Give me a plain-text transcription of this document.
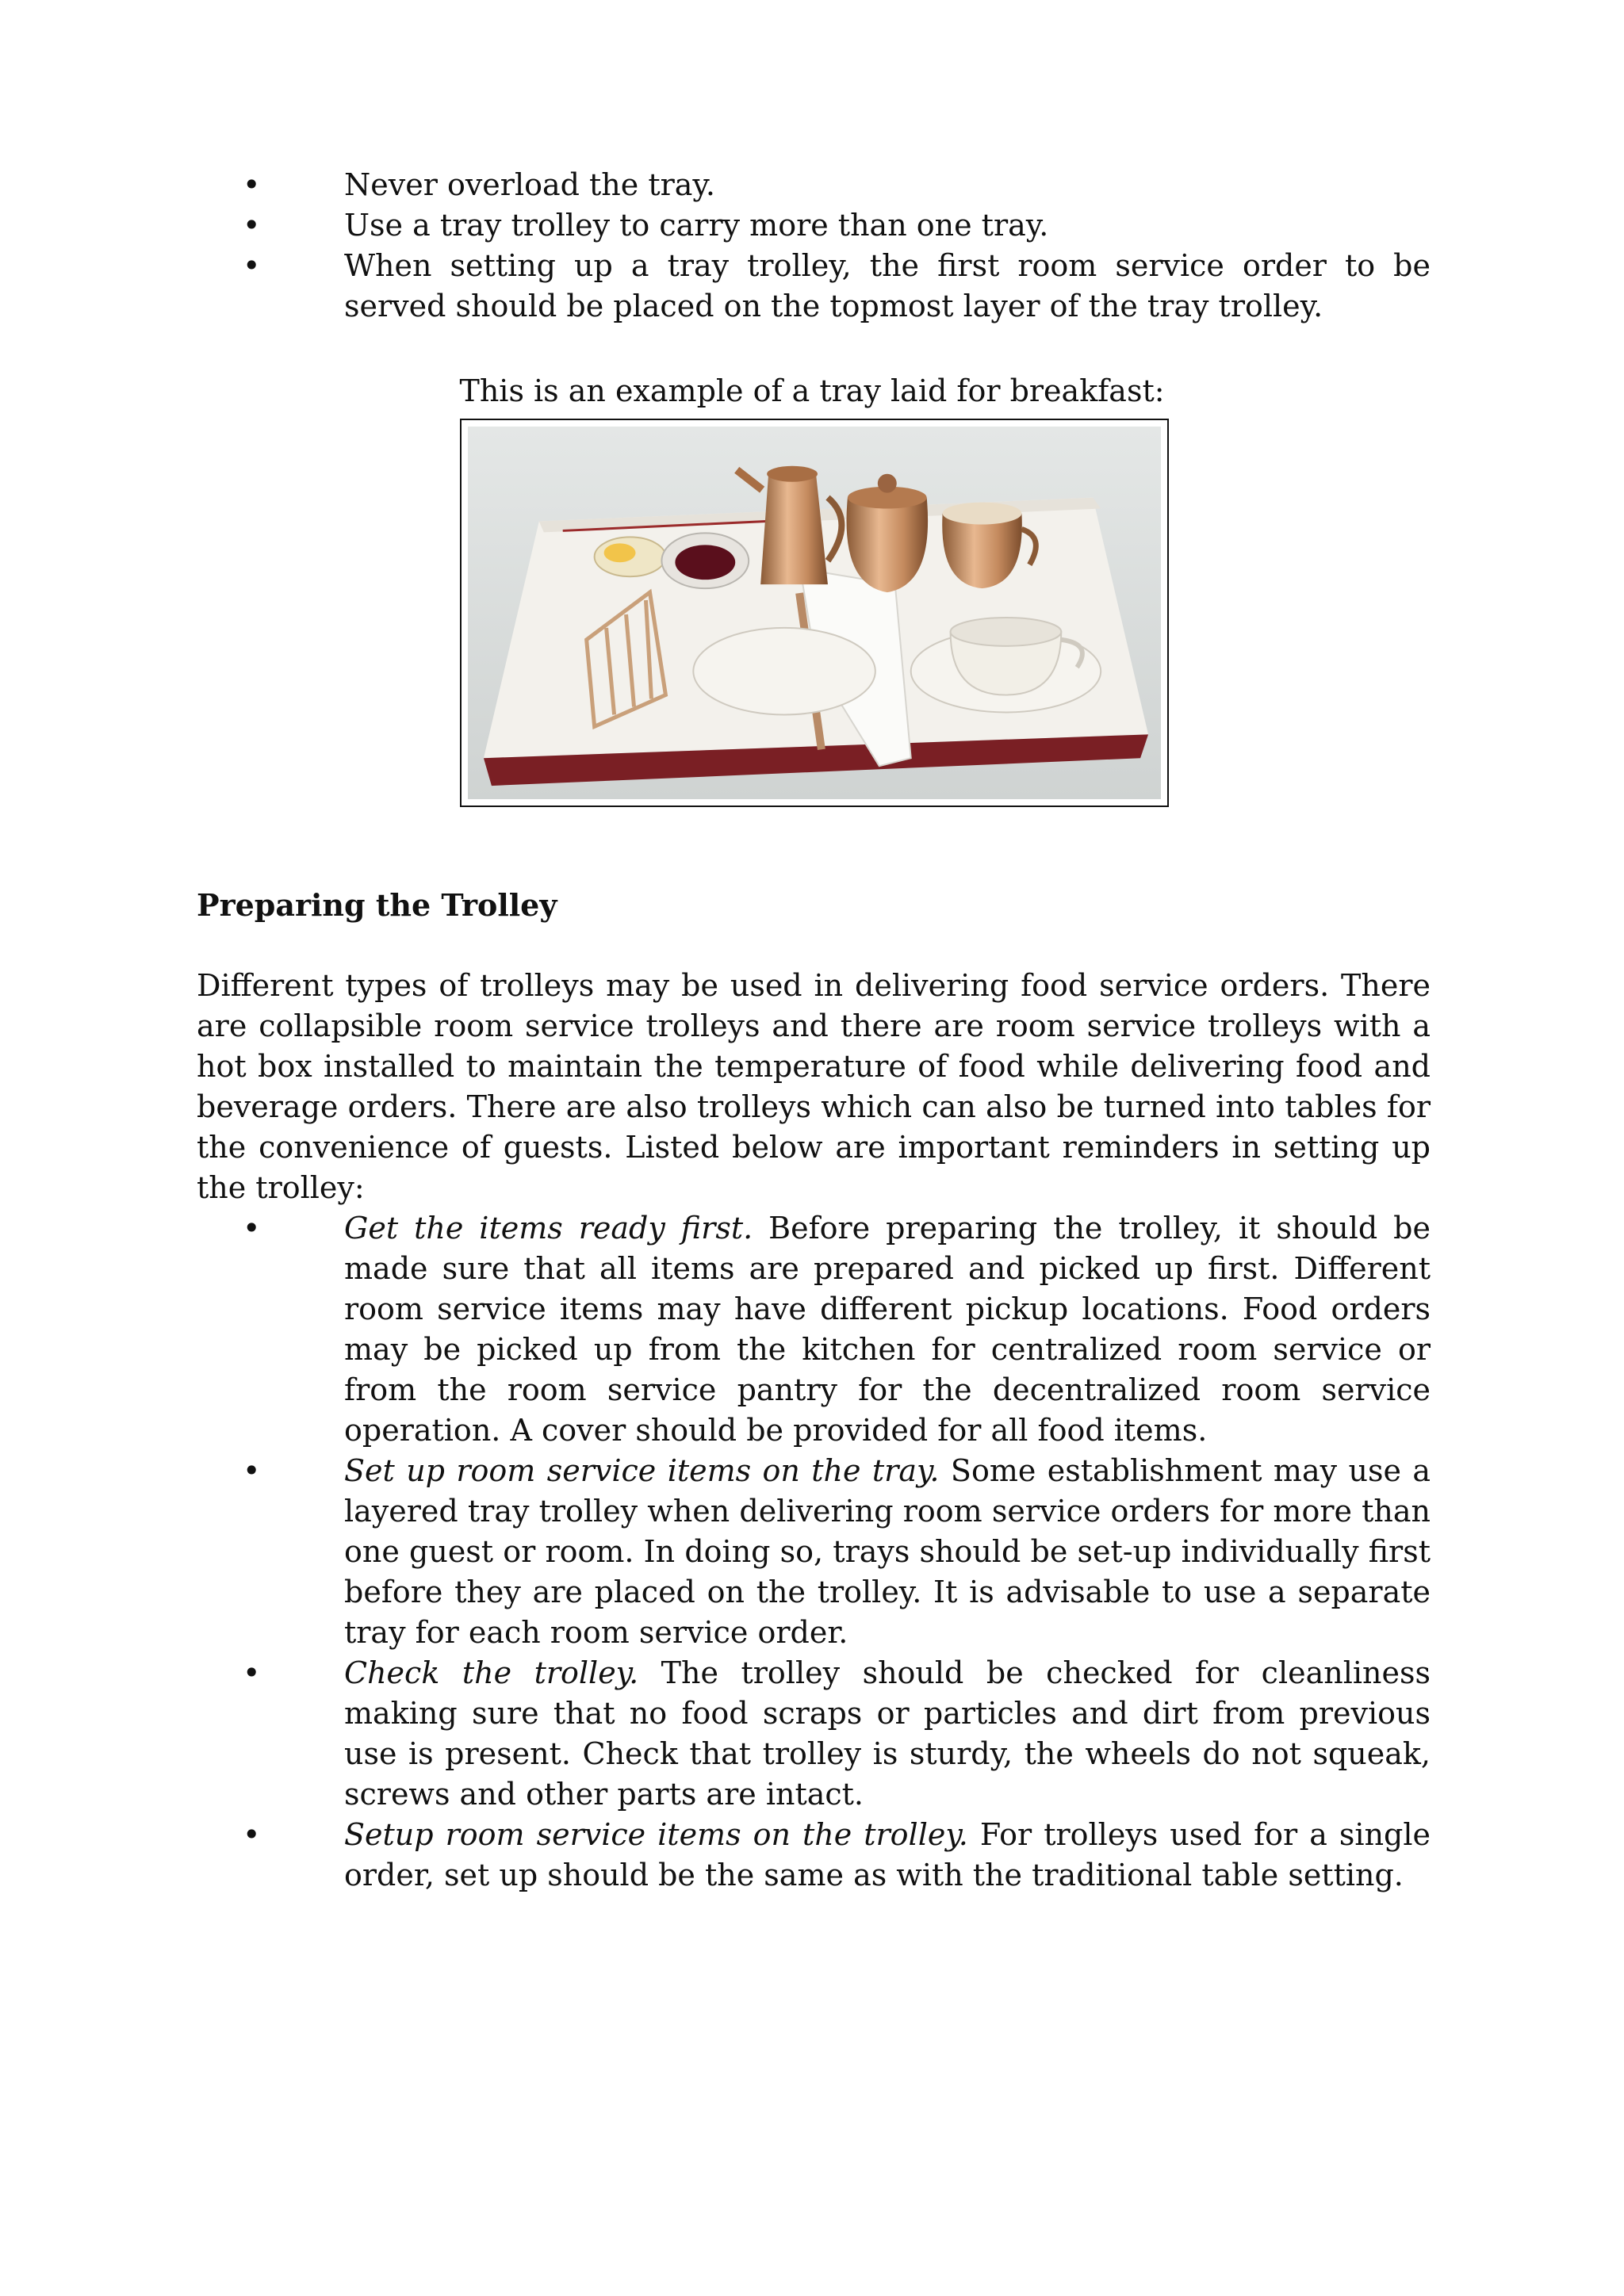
•	Never overload the tray.
•	Use a tray trolley to carry more than one tray.
•	When setting up a tray trolley, the first room service order to be served should be placed on the topmost layer of the tray trolley.
This is an example of a tray laid for breakfast:
Preparing the Trolley

Different types of trolleys may be used in delivering food service orders. There are collapsible room service trolleys and there are room service trolleys with a hot box installed to maintain the temperature of food while delivering food and beverage orders. There are also trolleys which can also be turned into tables for the convenience of guests. Listed below are important reminders in setting up the trolley:

•	Get the items ready first. Before preparing the trolley, it should be made sure that all items are prepared and picked up first. Different room service items may have different pickup locations. Food orders may be picked up from the kitchen for centralized room service or from the room service pantry for the decentralized room service operation. A cover should be provided for all food items.
•	Set up room service items on the tray. Some establishment may use a layered tray trolley when delivering room service orders for more than one guest or room. In doing so, trays should be set-up individually first before they are placed on the trolley. It is advisable to use a separate tray for each room service order.
•	Check the trolley. The trolley should be checked for cleanliness making sure that no food scraps or particles and dirt from previous use is present. Check that trolley is sturdy, the wheels do not squeak, screws and other parts are intact.
•	Setup room service items on the trolley. For trolleys used for a single order, set up should be the same as with the traditional table setting.
